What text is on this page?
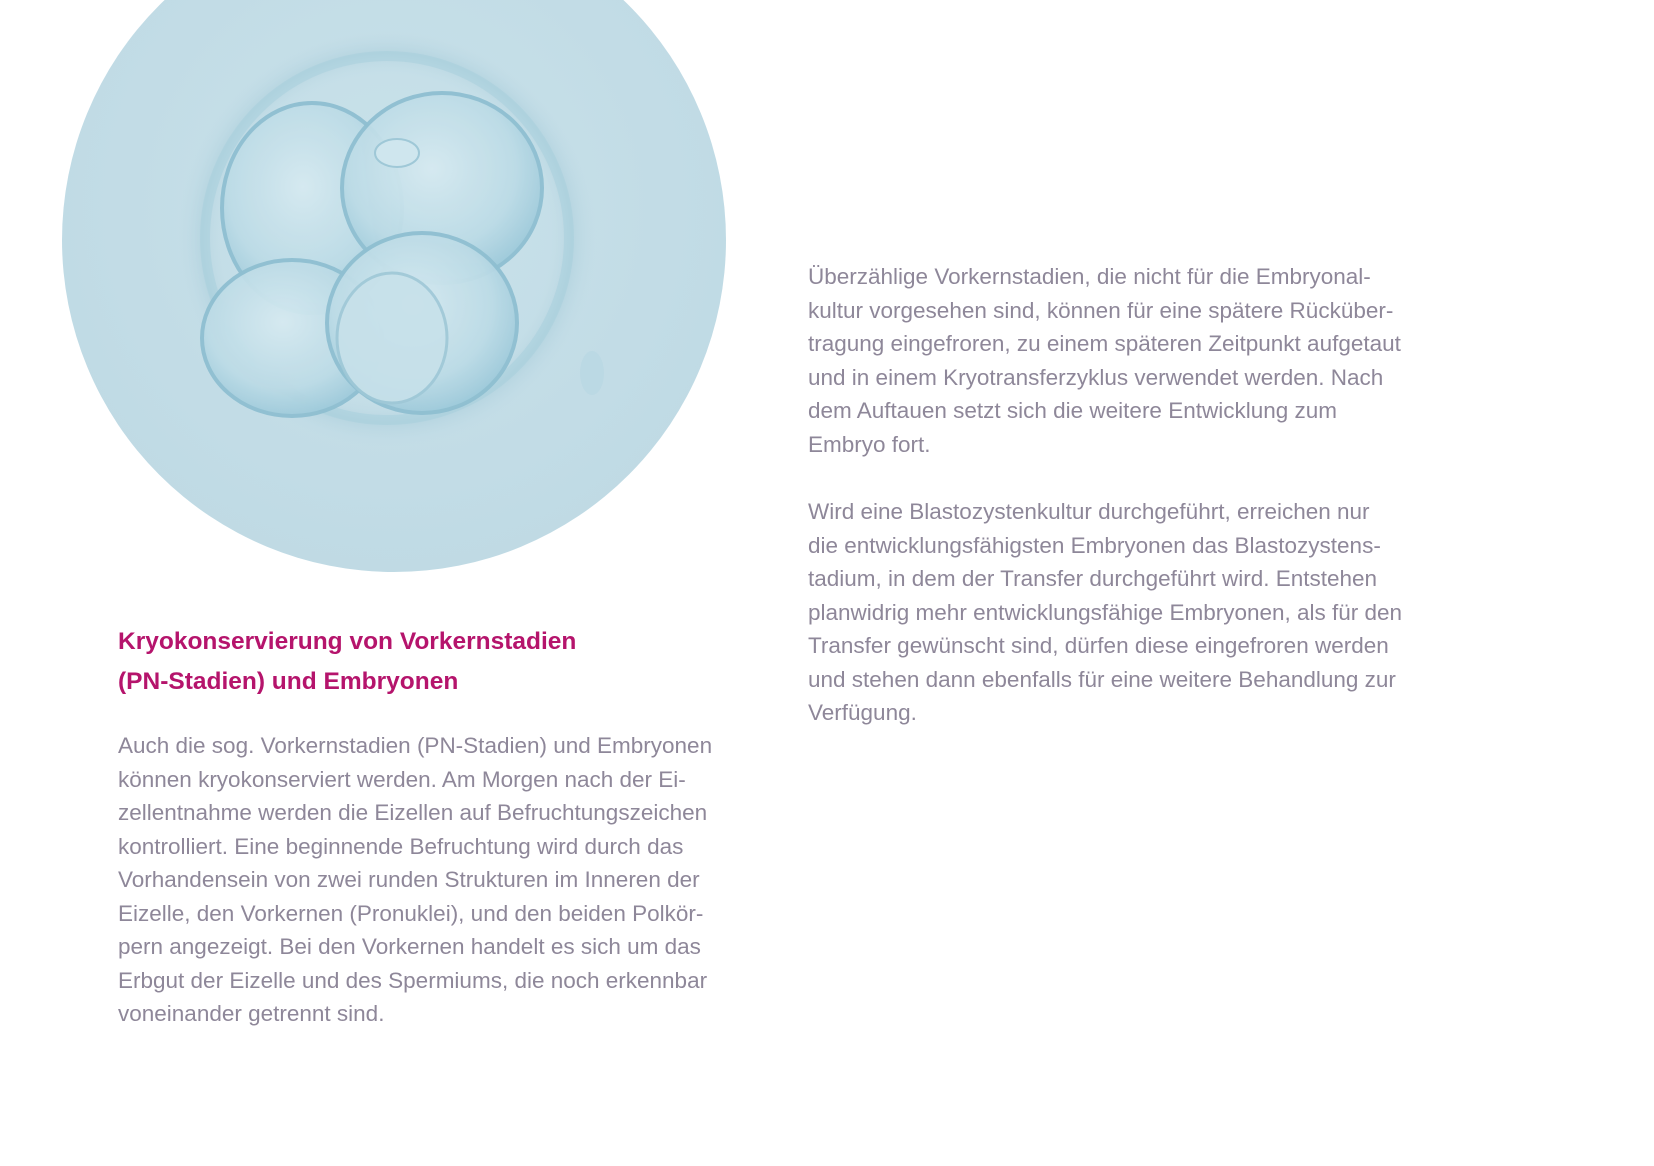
Kryokonservierung von Vorkernstadien
(PN-Stadien) und Embryonen
Auch die sog. Vorkernstadien (PN-Stadien) und Embryonen
können kryokonserviert werden. Am Morgen nach der Ei-
zellentnahme werden die Eizellen auf Befruchtungszeichen
kontrolliert. Eine beginnende Befruchtung wird durch das
Vorhandensein von zwei runden Strukturen im Inneren der
Eizelle, den Vorkernen (Pronuklei), und den beiden Polkör-
pern angezeigt. Bei den Vorkernen handelt es sich um das
Erbgut der Eizelle und des Spermiums, die noch erkennbar
voneinander getrennt sind.
Überzählige Vorkernstadien, die nicht für die Embryonal-
kultur vorgesehen sind, können für eine spätere Rücküber-
tragung eingefroren, zu einem späteren Zeitpunkt aufgetaut
und in einem Kryotransferzyklus verwendet werden. Nach
dem Auftauen setzt sich die weitere Entwicklung zum
Embryo fort.
Wird eine Blastozystenkultur durchgeführt, erreichen nur
die entwicklungsfähigsten Embryonen das Blastozystens-
tadium, in dem der Transfer durchgeführt wird. Entstehen
planwidrig mehr entwicklungsfähige Embryonen, als für den
Transfer gewünscht sind, dürfen diese eingefroren werden
und stehen dann ebenfalls für eine weitere Behandlung zur
Verfügung.
